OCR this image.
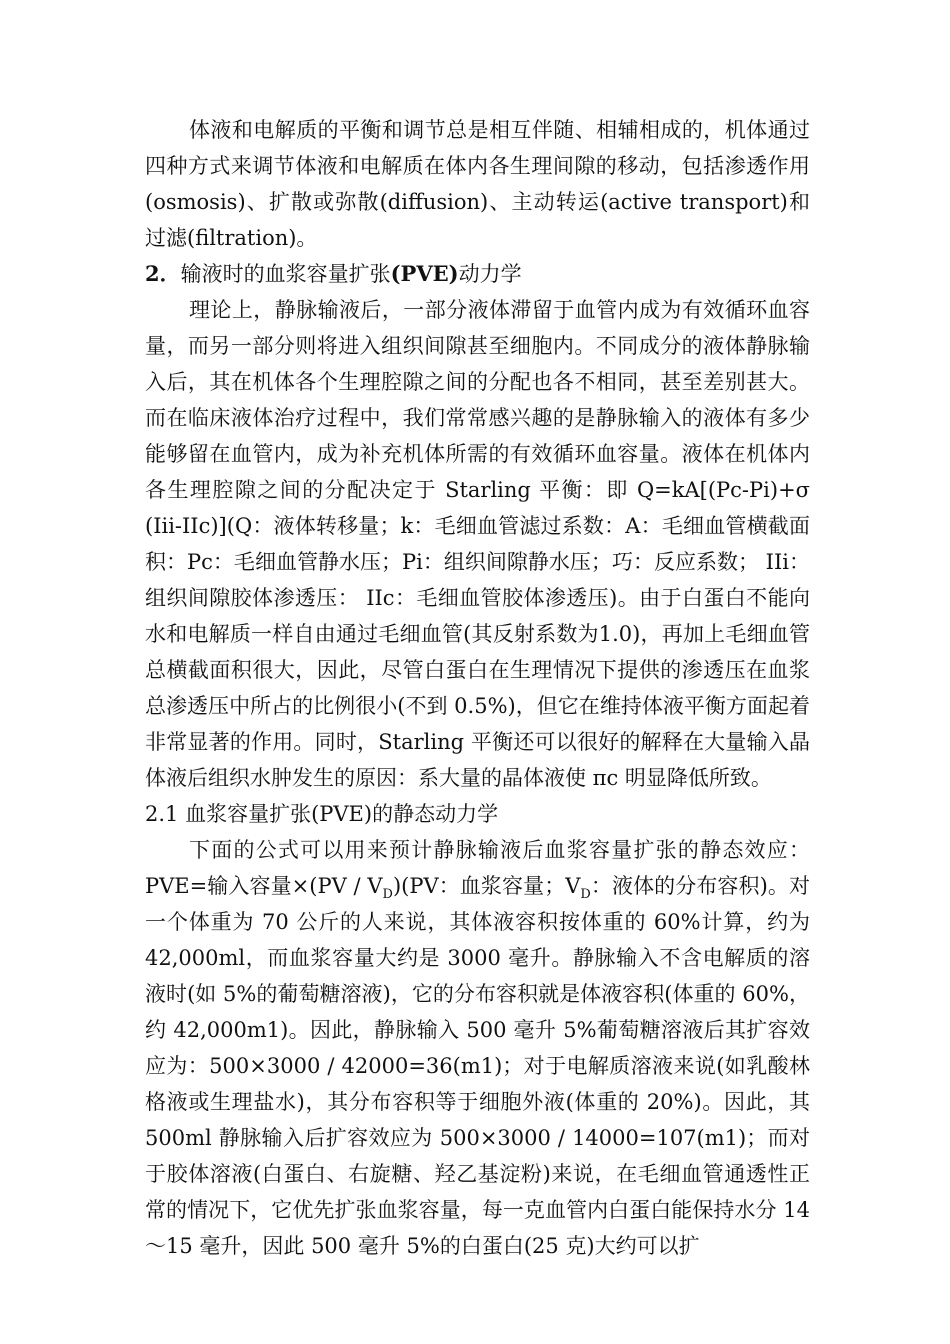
体液和电解质的平衡和调节总是相互伴随、相辅相成的，机体通过四种方式来调节体液和电解质在体内各生理间隙的移动，包括渗透作用(osmosis)、扩散或弥散(diffusion)、主动转运(active transport)和过滤(filtration)。

2．输液时的血浆容量扩张(PVE)动力学

理论上，静脉输液后，一部分液体滞留于血管内成为有效循环血容量，而另一部分则将进入组织间隙甚至细胞内。不同成分的液体静脉输入后，其在机体各个生理腔隙之间的分配也各不相同，甚至差别甚大。而在临床液体治疗过程中，我们常常感兴趣的是静脉输入的液体有多少能够留在血管内，成为补充机体所需的有效循环血容量。液体在机体内各生理腔隙之间的分配决定于 Starling 平衡：即 Q=kA[(Pc-Pi)+σ (Iii-IIc)](Q：液体转移量；k：毛细血管滤过系数：A：毛细血管横截面积：Pc：毛细血管静水压；Pi：组织间隙静水压；巧：反应系数； IIi：组织间隙胶体渗透压： IIc：毛细血管胶体渗透压)。由于白蛋白不能向水和电解质一样自由通过毛细血管(其反射系数为1.0)，再加上毛细血管总横截面积很大，因此，尽管白蛋白在生理情况下提供的渗透压在血浆总渗透压中所占的比例很小(不到 0.5%)，但它在维持体液平衡方面起着非常显著的作用。同时，Starling 平衡还可以很好的解释在大量输入晶体液后组织水肿发生的原因：系大量的晶体液使 πc 明显降低所致。

2.1 血浆容量扩张(PVE)的静态动力学

下面的公式可以用来预计静脉输液后血浆容量扩张的静态效应：PVE=输入容量$\times(PV / V_D)(PV$：血浆容量；$V_D$：液体的分布容积)。对一个体重为 70 公斤的人来说，其体液容积按体重的 60%计算，约为 42,000ml，而血浆容量大约是 3000 毫升。静脉输入不含电解质的溶液时(如 5%的葡萄糖溶液)，它的分布容积就是体液容积(体重的 60%，约 42,000m1)。因此，静脉输入 500 毫升 5%葡萄糖溶液后其扩容效应为：500×3000 / 42000=36(m1)；对于电解质溶液来说(如乳酸林格液或生理盐水)，其分布容积等于细胞外液(体重的 20%)。因此，其 500ml 静脉输入后扩容效应为 500×3000 / 14000=107(m1)；而对于胶体溶液(白蛋白、右旋糖、羟乙基淀粉)来说，在毛细血管通透性正常的情况下，它优先扩张血浆容量，每一克血管内白蛋白能保持水分 14～15 毫升，因此 500 毫升 5%的白蛋白(25 克)大约可以扩
